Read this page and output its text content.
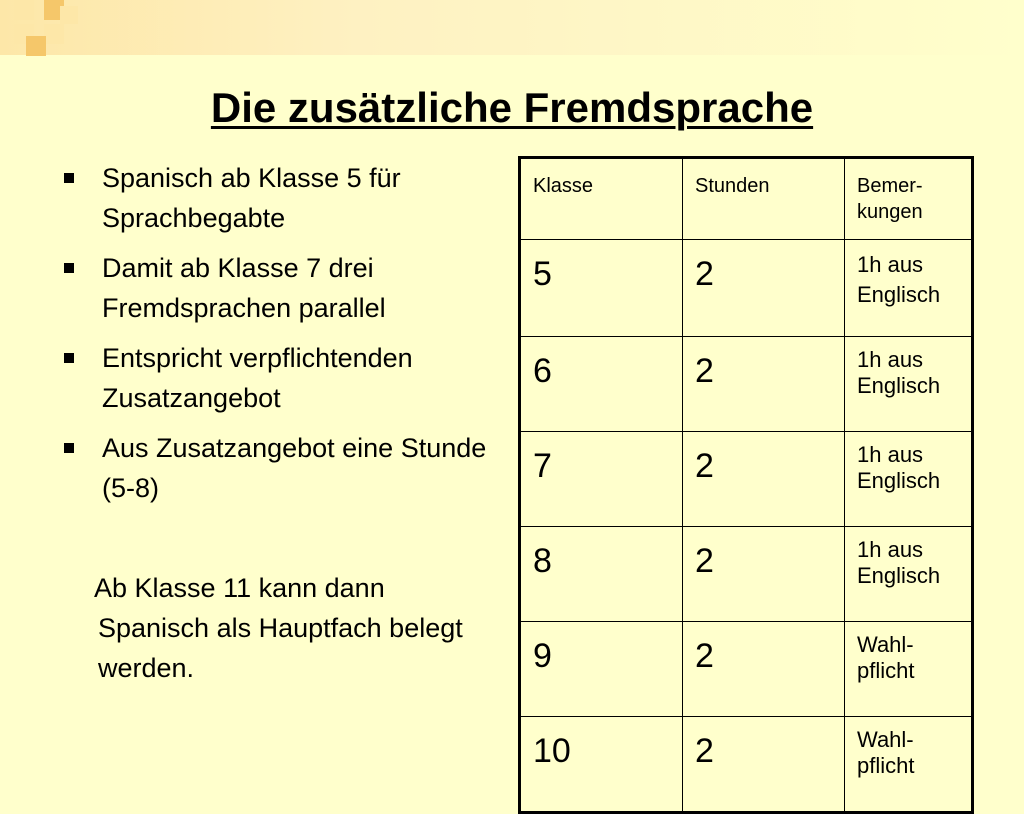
Die zusätzliche Fremdsprache
Spanisch ab Klasse 5 für Sprachbegabte
Damit ab Klasse 7 drei Fremdsprachen parallel
Entspricht verpflichtenden Zusatzangebot
Aus Zusatzangebot eine Stunde (5-8)

Ab Klasse 11 kann dann Spanisch als Hauptfach belegt werden.

Klasse	Stunden	Bemer-kungen
5	2	1h aus Englisch
6	2	1h aus Englisch
7	2	1h aus Englisch
8	2	1h aus Englisch
9	2	Wahl-pflicht
10	2	Wahl-pflicht
